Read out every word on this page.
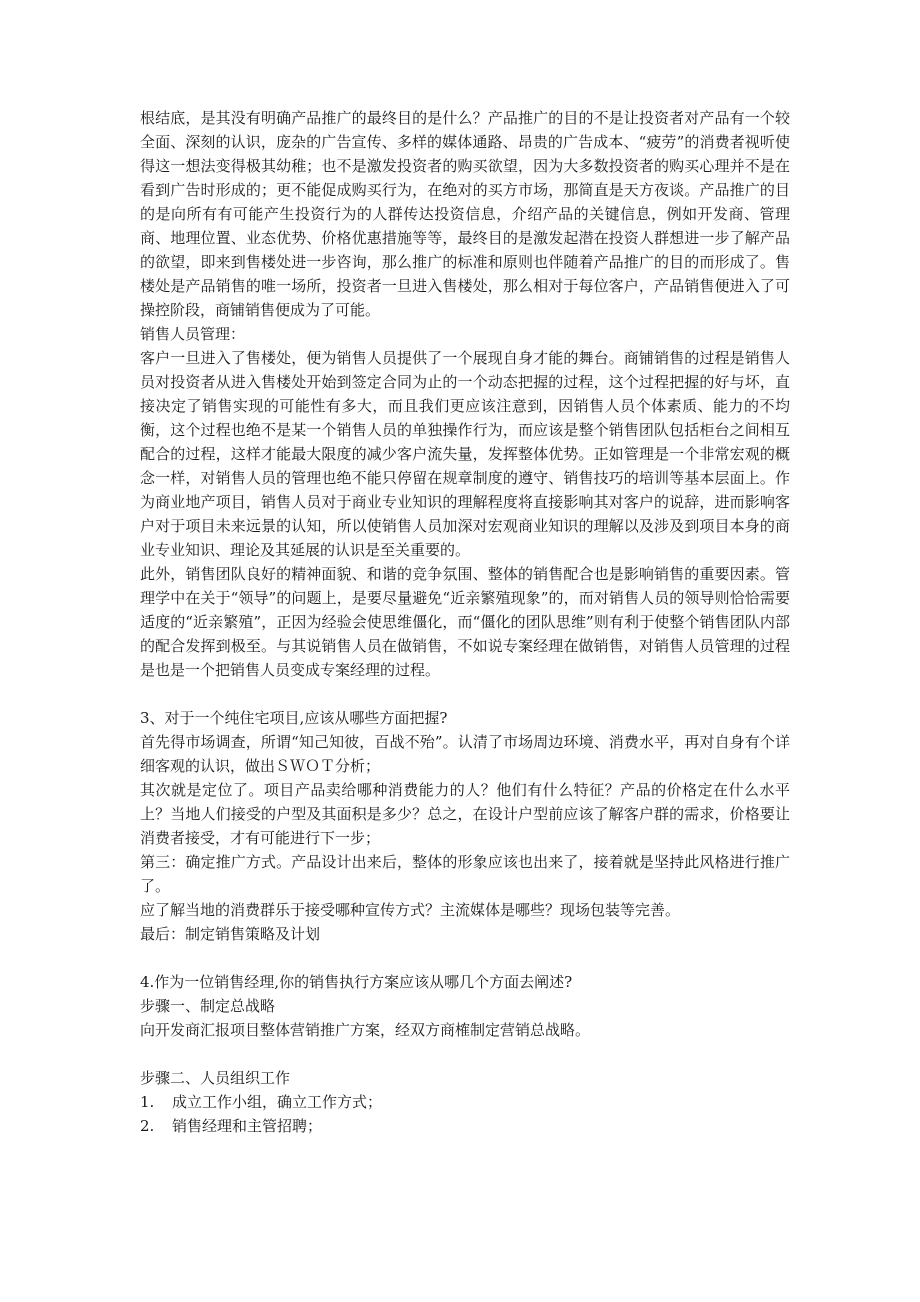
根结底，是其没有明确产品推广的最终目的是什么？产品推广的目的不是让投资者对产品有一个较全面、深刻的认识，庞杂的广告宣传、多样的媒体通路、昂贵的广告成本、“疲劳”的消费者视听使得这一想法变得极其幼稚；也不是激发投资者的购买欲望，因为大多数投资者的购买心理并不是在看到广告时形成的；更不能促成购买行为，在绝对的买方市场，那简直是天方夜谈。产品推广的目的是向所有有可能产生投资行为的人群传达投资信息，介绍产品的关键信息，例如开发商、管理商、地理位置、业态优势、价格优惠措施等等，最终目的是激发起潜在投资人群想进一步了解产品的欲望，即来到售楼处进一步咨询，那么推广的标准和原则也伴随着产品推广的目的而形成了。售楼处是产品销售的唯一场所，投资者一旦进入售楼处，那么相对于每位客户，产品销售便进入了可操控阶段，商铺销售便成为了可能。

销售人员管理：

客户一旦进入了售楼处，便为销售人员提供了一个展现自身才能的舞台。商铺销售的过程是销售人员对投资者从进入售楼处开始到签定合同为止的一个动态把握的过程，这个过程把握的好与坏，直接决定了销售实现的可能性有多大，而且我们更应该注意到，因销售人员个体素质、能力的不均衡，这个过程也绝不是某一个销售人员的单独操作行为，而应该是整个销售团队包括柜台之间相互配合的过程，这样才能最大限度的减少客户流失量，发挥整体优势。正如管理是一个非常宏观的概念一样，对销售人员的管理也绝不能只停留在规章制度的遵守、销售技巧的培训等基本层面上。作为商业地产项目，销售人员对于商业专业知识的理解程度将直接影响其对客户的说辞，进而影响客户对于项目未来远景的认知，所以使销售人员加深对宏观商业知识的理解以及涉及到项目本身的商业专业知识、理论及其延展的认识是至关重要的。

此外，销售团队良好的精神面貌、和谐的竞争氛围、整体的销售配合也是影响销售的重要因素。管理学中在关于“领导”的问题上，是要尽量避免“近亲繁殖现象”的，而对销售人员的领导则恰恰需要适度的“近亲繁殖”，正因为经验会使思维僵化，而“僵化的团队思维”则有利于使整个销售团队内部的配合发挥到极至。与其说销售人员在做销售，不如说专案经理在做销售，对销售人员管理的过程是也是一个把销售人员变成专案经理的过程。

3、对于一个纯住宅项目,应该从哪些方面把握?

首先得市场调查，所谓“知己知彼，百战不殆”。认清了市场周边环境、消费水平，再对自身有个详细客观的认识，做出ＳＷＯＴ分析；

其次就是定位了。项目产品卖给哪种消费能力的人？他们有什么特征？产品的价格定在什么水平上？当地人们接受的户型及其面积是多少？总之，在设计户型前应该了解客户群的需求，价格要让消费者接受，才有可能进行下一步；

第三：确定推广方式。产品设计出来后，整体的形象应该也出来了，接着就是坚持此风格进行推广了。

应了解当地的消费群乐于接受哪种宣传方式？主流媒体是哪些？现场包装等完善。

最后：制定销售策略及计划

4.作为一位销售经理,你的销售执行方案应该从哪几个方面去阐述?

步骤一、制定总战略

向开发商汇报项目整体营销推广方案，经双方商榷制定营销总战略。

步骤二、人员组织工作

1.	成立工作小组，确立工作方式；
2.	销售经理和主管招聘；
